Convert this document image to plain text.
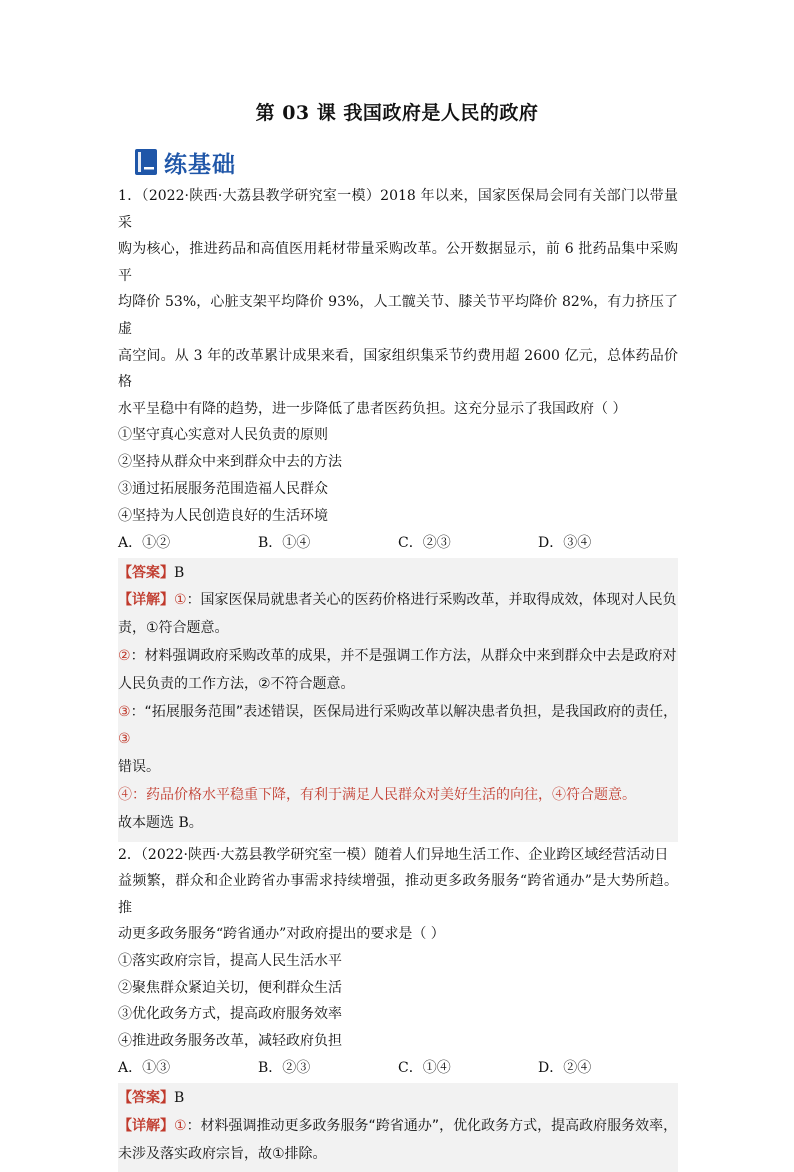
第 03 课 我国政府是人民的政府
练基础

1．（2022·陕西·大荔县教学研究室一模）2018 年以来，国家医保局会同有关部门以带量采

购为核心，推进药品和高值医用耗材带量采购改革。公开数据显示，前 6 批药品集中采购平

均降价 53%，心脏支架平均降价 93%，人工髋关节、膝关节平均降价 82%，有力挤压了虚

高空间。从 3 年的改革累计成果来看，国家组织集采节约费用超 2600 亿元，总体药品价格

水平呈稳中有降的趋势，进一步降低了患者医药负担。这充分显示了我国政府（ ）

①坚守真心实意对人民负责的原则

②坚持从群众中来到群众中去的方法

③通过拓展服务范围造福人民群众

④坚持为人民创造良好的生活环境

A．①②	B．①④	C．②③	D．③④

【答案】B

【详解】①：国家医保局就患者关心的医药价格进行采购改革，并取得成效，体现对人民负

责，①符合题意。

②：材料强调政府采购改革的成果，并不是强调工作方法，从群众中来到群众中去是政府对

人民负责的工作方法，②不符合题意。

③：“拓展服务范围”表述错误，医保局进行采购改革以解决患者负担，是我国政府的责任，③

错误。

④：药品价格水平稳重下降，有利于满足人民群众对美好生活的向往，④符合题意。

故本题选 B。

2．（2022·陕西·大荔县教学研究室一模）随着人们异地生活工作、企业跨区域经营活动日

益频繁，群众和企业跨省办事需求持续增强，推动更多政务服务“跨省通办”是大势所趋。推

动更多政务服务“跨省通办”对政府提出的要求是（ ）

①落实政府宗旨，提高人民生活水平

②聚焦群众紧迫关切，便利群众生活

③优化政务方式，提高政府服务效率

④推进政务服务改革，减轻政府负担

A．①③	B．②③	C．①④	D．②④

【答案】B

【详解】①：材料强调推动更多政务服务“跨省通办”，优化政务方式，提高政府服务效率，

未涉及落实政府宗旨，故①排除。
